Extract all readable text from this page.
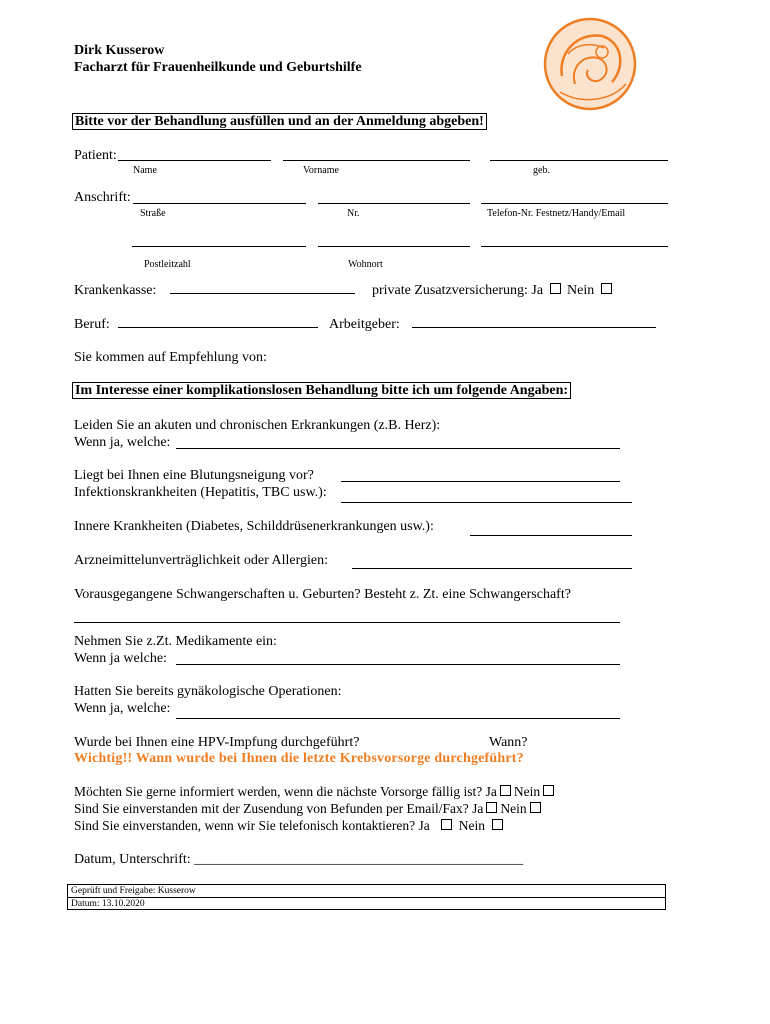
Dirk Kusserow
Facharzt für Frauenheilkunde und Geburtshilfe
Bitte vor der Behandlung ausfüllen und an der Anmeldung abgeben!
Patient:
Name	Vorname	geb.
Anschrift:
Straße	Nr.	Telefon-Nr. Festnetz/Handy/Email
Postleitzahl	Wohnort
Krankenkasse:	private Zusatzversicherung: Ja Nein
Beruf:	Arbeitgeber:
Sie kommen auf Empfehlung von:
Im Interesse einer komplikationslosen Behandlung bitte ich um folgende Angaben:
Leiden Sie an akuten und chronischen Erkrankungen (z.B. Herz):
Wenn ja, welche:
Liegt bei Ihnen eine Blutungsneigung vor?
Infektionskrankheiten (Hepatitis, TBC usw.):
Innere Krankheiten (Diabetes, Schilddrüsenerkrankungen usw.):
Arzneimittelunverträglichkeit oder Allergien:
Vorausgegangene Schwangerschaften u. Geburten? Besteht z. Zt. eine Schwangerschaft?
Nehmen Sie z.Zt. Medikamente ein:
Wenn ja welche:
Hatten Sie bereits gynäkologische Operationen:
Wenn ja, welche:
Wurde bei Ihnen eine HPV-Impfung durchgeführt?	Wann?
Wichtig!! Wann wurde bei Ihnen die letzte Krebsvorsorge durchgeführt?
Möchten Sie gerne informiert werden, wenn die nächste Vorsorge fällig ist? Ja Nein
Sind Sie einverstanden mit der Zusendung von Befunden per Email/Fax? Ja Nein
Sind Sie einverstanden, wenn wir Sie telefonisch kontaktieren? Ja Nein
Datum, Unterschrift: _______________________________________________
Geprüft und Freigabe: Kusserow
Datum: 13.10.2020
